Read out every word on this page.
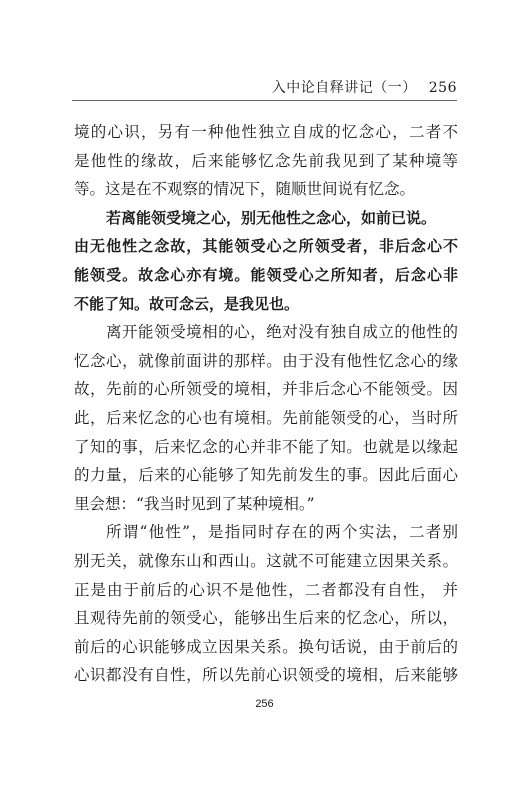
入中论自释讲记（一） 256
境的心识，另有一种他性独立自成的忆念心，二者不
是他性的缘故，后来能够忆念先前我见到了某种境等
等。这是在不观察的情况下，随顺世间说有忆念。
若离能领受境之心，别无他性之念心，如前已说。
由无他性之念故，其能领受心之所领受者，非后念心不
能领受。故念心亦有境。能领受心之所知者，后念心非
不能了知。故可念云，是我见也。
离开能领受境相的心，绝对没有独自成立的他性的
忆念心，就像前面讲的那样。由于没有他性忆念心的缘
故，先前的心所领受的境相，并非后念心不能领受。因
此，后来忆念的心也有境相。先前能领受的心，当时所
了知的事，后来忆念的心并非不能了知。也就是以缘起
的力量，后来的心能够了知先前发生的事。因此后面心
里会想：“我当时见到了某种境相。”
所谓“他性”，是指同时存在的两个实法，二者别
别无关，就像东山和西山。这就不可能建立因果关系。
正是由于前后的心识不是他性，二者都没有自性， 并
且观待先前的领受心，能够出生后来的忆念心，所以，
前后的心识能够成立因果关系。换句话说，由于前后的
心识都没有自性，所以先前心识领受的境相，后来能够
256
